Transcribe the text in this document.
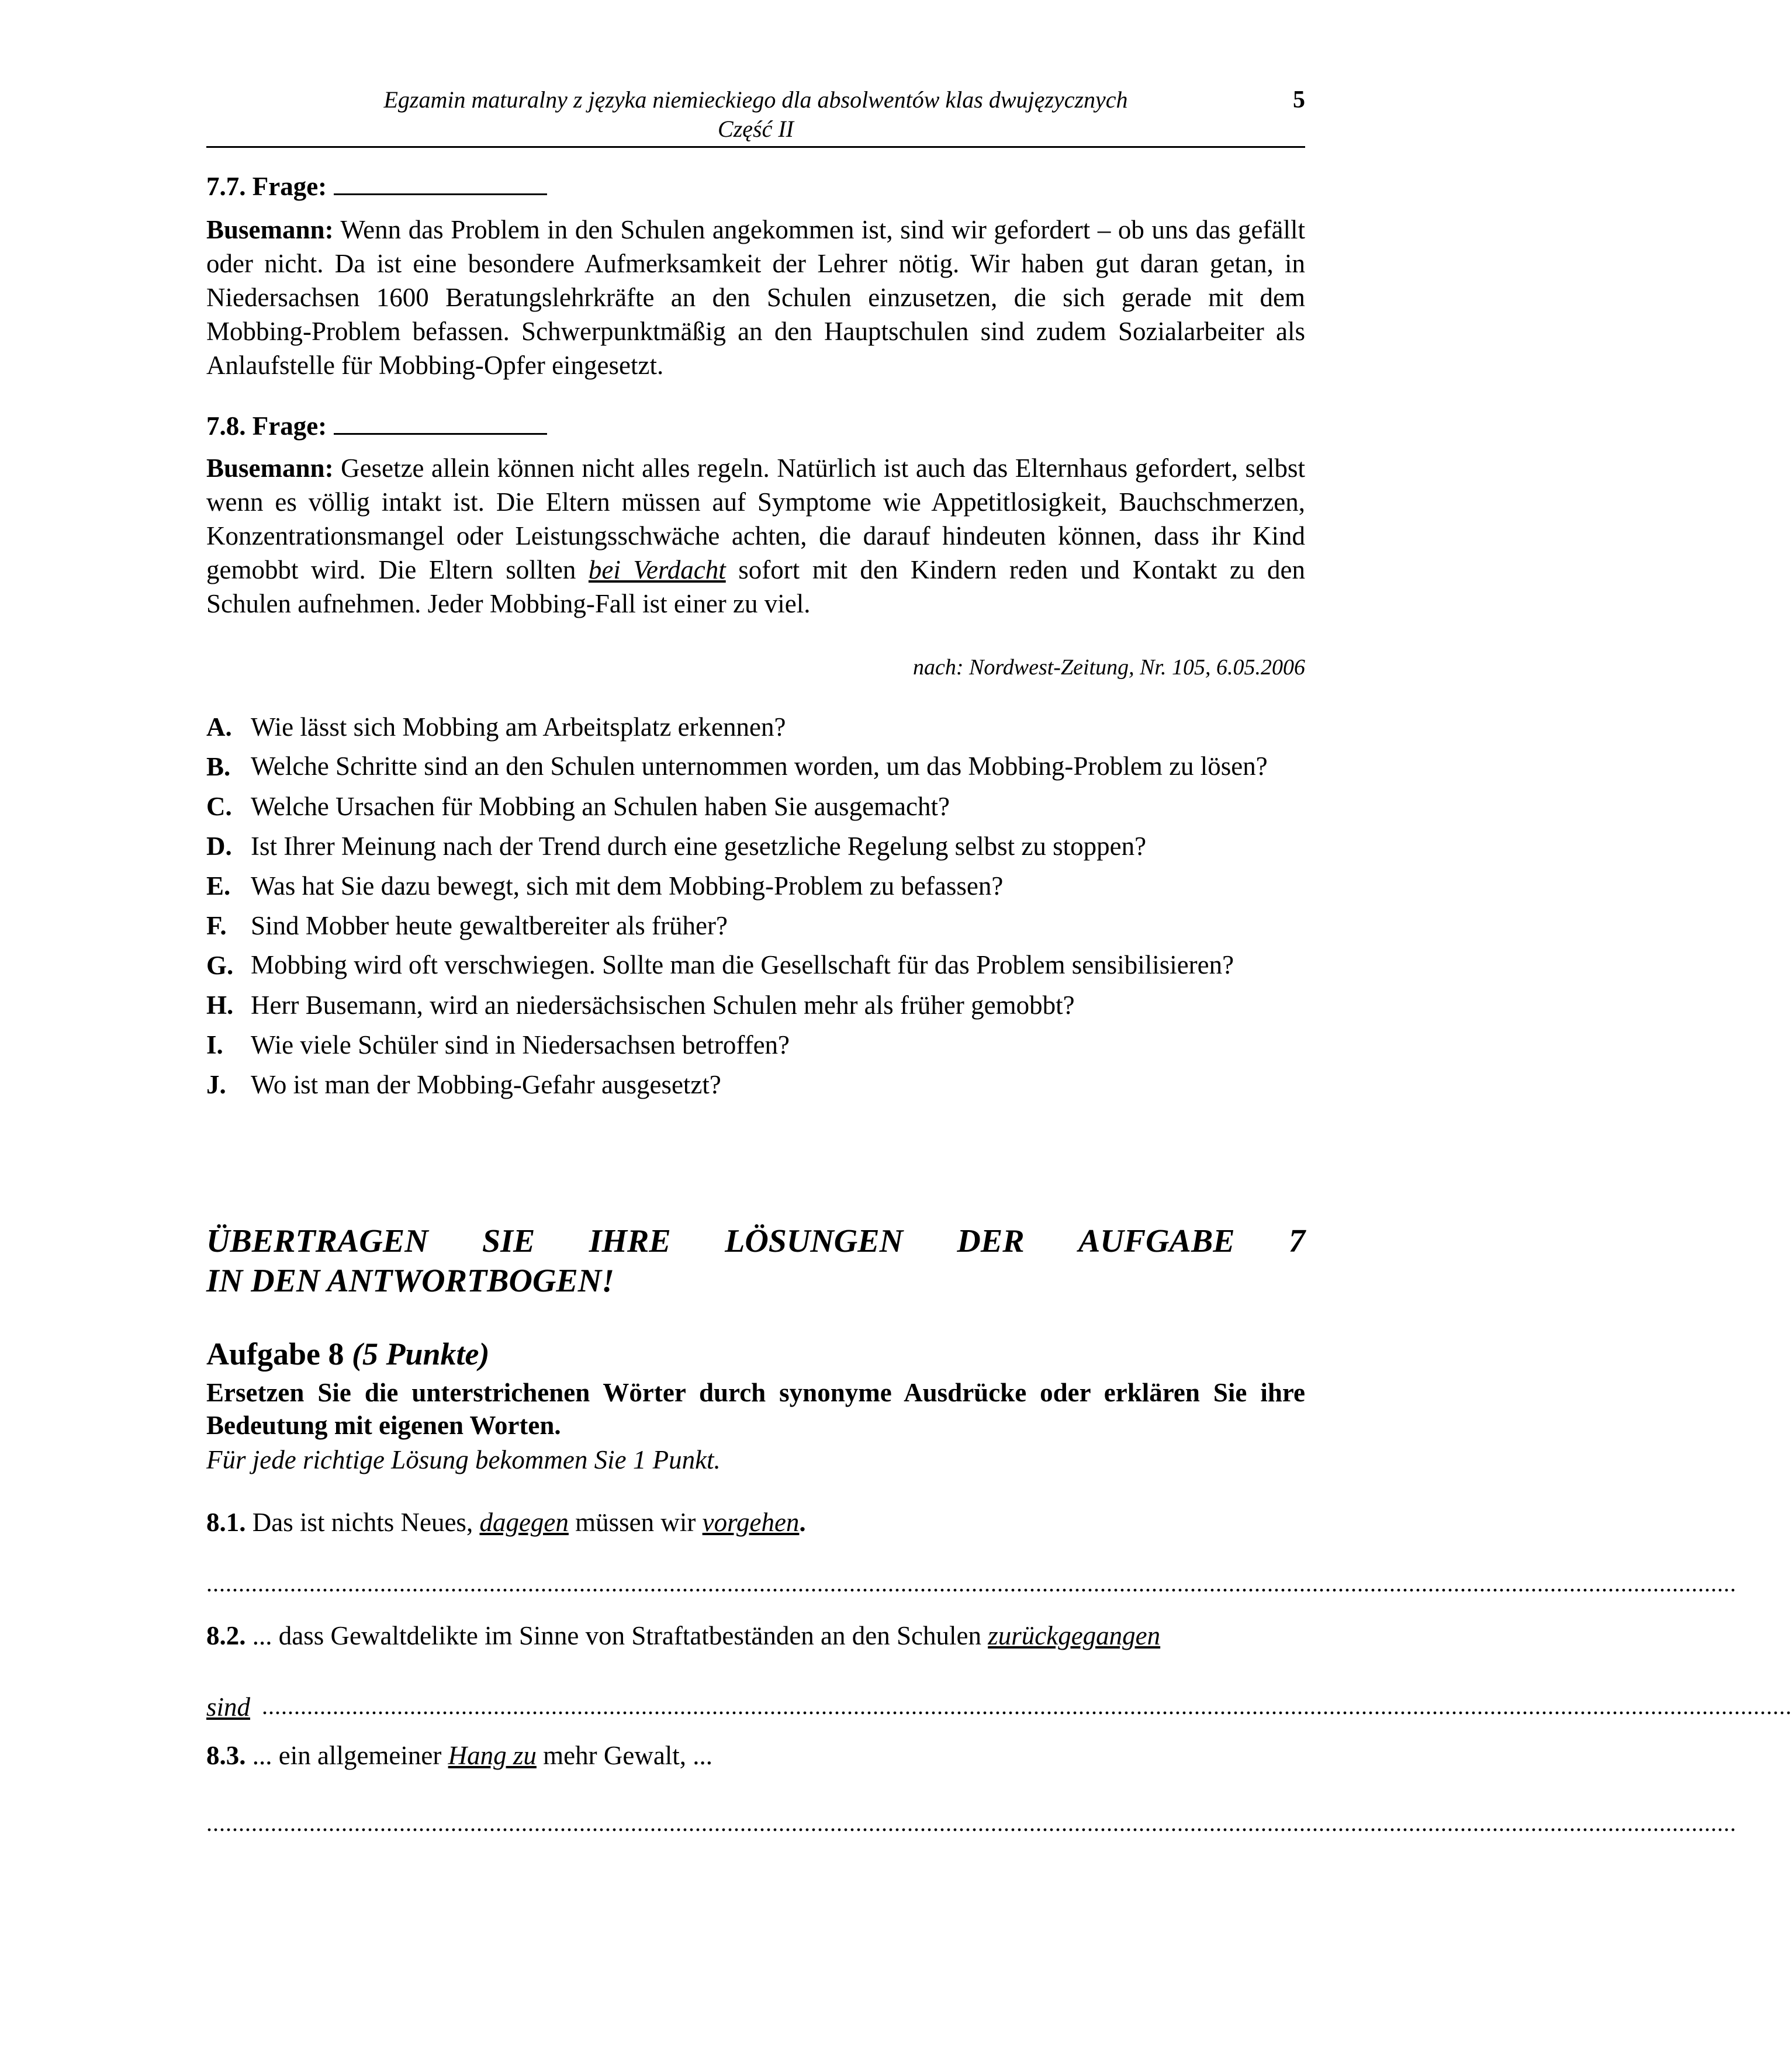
Egzamin maturalny z języka niemieckiego dla absolwentów klas dwujęzycznych
Część II
5
7.7. Frage:
Busemann: Wenn das Problem in den Schulen angekommen ist, sind wir gefordert – ob uns das gefällt oder nicht. Da ist eine besondere Aufmerksamkeit der Lehrer nötig. Wir haben gut daran getan, in Niedersachsen 1600 Beratungslehrkräfte an den Schulen einzusetzen, die sich gerade mit dem Mobbing-Problem befassen. Schwerpunktmäßig an den Hauptschulen sind zudem Sozialarbeiter als Anlaufstelle für Mobbing-Opfer eingesetzt.
7.8. Frage:
Busemann: Gesetze allein können nicht alles regeln. Natürlich ist auch das Elternhaus gefordert, selbst wenn es völlig intakt ist. Die Eltern müssen auf Symptome wie Appetitlosigkeit, Bauchschmerzen, Konzentrationsmangel oder Leistungsschwäche achten, die darauf hindeuten können, dass ihr Kind gemobbt wird. Die Eltern sollten bei Verdacht sofort mit den Kindern reden und Kontakt zu den Schulen aufnehmen. Jeder Mobbing-Fall ist einer zu viel.
nach: Nordwest-Zeitung, Nr. 105, 6.05.2006
A. Wie lässt sich Mobbing am Arbeitsplatz erkennen?
B. Welche Schritte sind an den Schulen unternommen worden, um das Mobbing-Problem zu lösen?
C. Welche Ursachen für Mobbing an Schulen haben Sie ausgemacht?
D. Ist Ihrer Meinung nach der Trend durch eine gesetzliche Regelung selbst zu stoppen?
E. Was hat Sie dazu bewegt, sich mit dem Mobbing-Problem zu befassen?
F. Sind Mobber heute gewaltbereiter als früher?
G. Mobbing wird oft verschwiegen. Sollte man die Gesellschaft für das Problem sensibilisieren?
H. Herr Busemann, wird an niedersächsischen Schulen mehr als früher gemobbt?
I.	Wie viele Schüler sind in Niedersachsen betroffen?
J. Wo ist man der Mobbing-Gefahr ausgesetzt?
ÜBERTRAGEN SIE IHRE LÖSUNGEN DER AUFGABE 7
IN DEN ANTWORTBOGEN!
Aufgabe 8 (5 Punkte)
Ersetzen Sie die unterstrichenen Wörter durch synonyme Ausdrücke oder erklären Sie ihre Bedeutung mit eigenen Worten.
Für jede richtige Lösung bekommen Sie 1 Punkt.
8.1. Das ist nichts Neues, dagegen müssen wir vorgehen.
..............................................................................................................................................................................................................................................
8.2. ... dass Gewaltdelikte im Sinne von Straftatbeständen an den Schulen zurückgegangen
sind ..............................................................................................................................................................................................................................................
8.3. ... ein allgemeiner Hang zu mehr Gewalt, ...
..............................................................................................................................................................................................................................................
